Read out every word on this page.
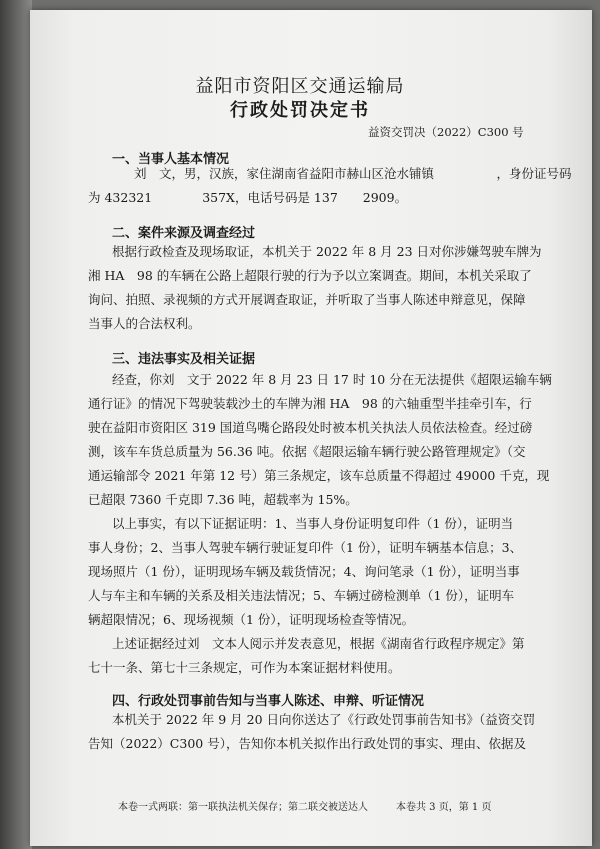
益阳市资阳区交通运输局
行政处罚决定书
益资交罚决（2022）C300 号
一、当事人基本情况
刘　文，男，汉族，家住湖南省益阳市赫山区沧水铺镇　　　　　，身份证号码
为 432321　　　　357X，电话号码是 137　　2909。
二、案件来源及调查经过
根据行政检查及现场取证，本机关于 2022 年 8 月 23 日对你涉嫌驾驶车牌为
湘 HA　98 的车辆在公路上超限行驶的行为予以立案调查。期间，本机关采取了
询问、拍照、录视频的方式开展调查取证，并听取了当事人陈述申辩意见，保障
当事人的合法权利。
三、违法事实及相关证据
经查，你刘　文于 2022 年 8 月 23 日 17 时 10 分在无法提供《超限运输车辆
通行证》的情况下驾驶装载沙土的车牌为湘 HA　98 的六轴重型半挂牵引车，行
驶在益阳市资阳区 319 国道鸟嘴仑路段处时被本机关执法人员依法检查。经过磅
测，该车车货总质量为 56.36 吨。依据《超限运输车辆行驶公路管理规定》（交
通运输部令 2021 年第 12 号）第三条规定，该车总质量不得超过 49000 千克，现
已超限 7360 千克即 7.36 吨，超载率为 15%。
以上事实，有以下证据证明：1、当事人身份证明复印件（1 份），证明当
事人身份；2、当事人驾驶车辆行驶证复印件（1 份），证明车辆基本信息；3、
现场照片（1 份），证明现场车辆及载货情况；4、询问笔录（1 份），证明当事
人与车主和车辆的关系及相关违法情况；5、车辆过磅检测单（1 份），证明车
辆超限情况；6、现场视频（1 份），证明现场检查等情况。
上述证据经过刘　文本人阅示并发表意见，根据《湖南省行政程序规定》第
七十一条、第七十三条规定，可作为本案证据材料使用。
四、行政处罚事前告知与当事人陈述、申辩、听证情况
本机关于 2022 年 9 月 20 日向你送达了《行政处罚事前告知书》（益资交罚
告知（2022）C300 号），告知你本机关拟作出行政处罚的事实、理由、依据及
本卷一式两联：第一联执法机关保存；第二联交被送达人	本卷共 3 页，第 1 页
